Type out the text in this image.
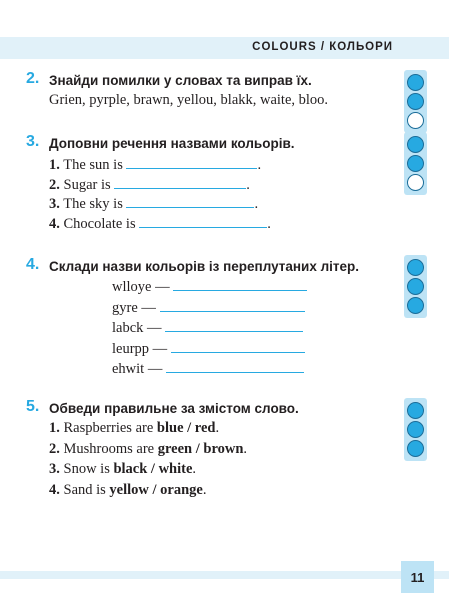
COLOURS / КОЛЬОРИ
2. Знайди помилки у словах та виправ їх.
Grien, pyrple, brawn, yellou, blakk, waite, bloo.
3. Доповни речення назвами кольорів.
1. The sun is	.
2. Sugar is	.
3. The sky is	.
4. Chocolate is	.
4. Склади назви кольорів із переплутаних літер.
wlloye —
gyre —
labck —
leurpp —
ehwit —
5. Обведи правильне за змістом слово.
1. Raspberries are blue / red.
2. Mushrooms are green / brown.
3. Snow is black / white.
4. Sand is yellow / orange.
11
